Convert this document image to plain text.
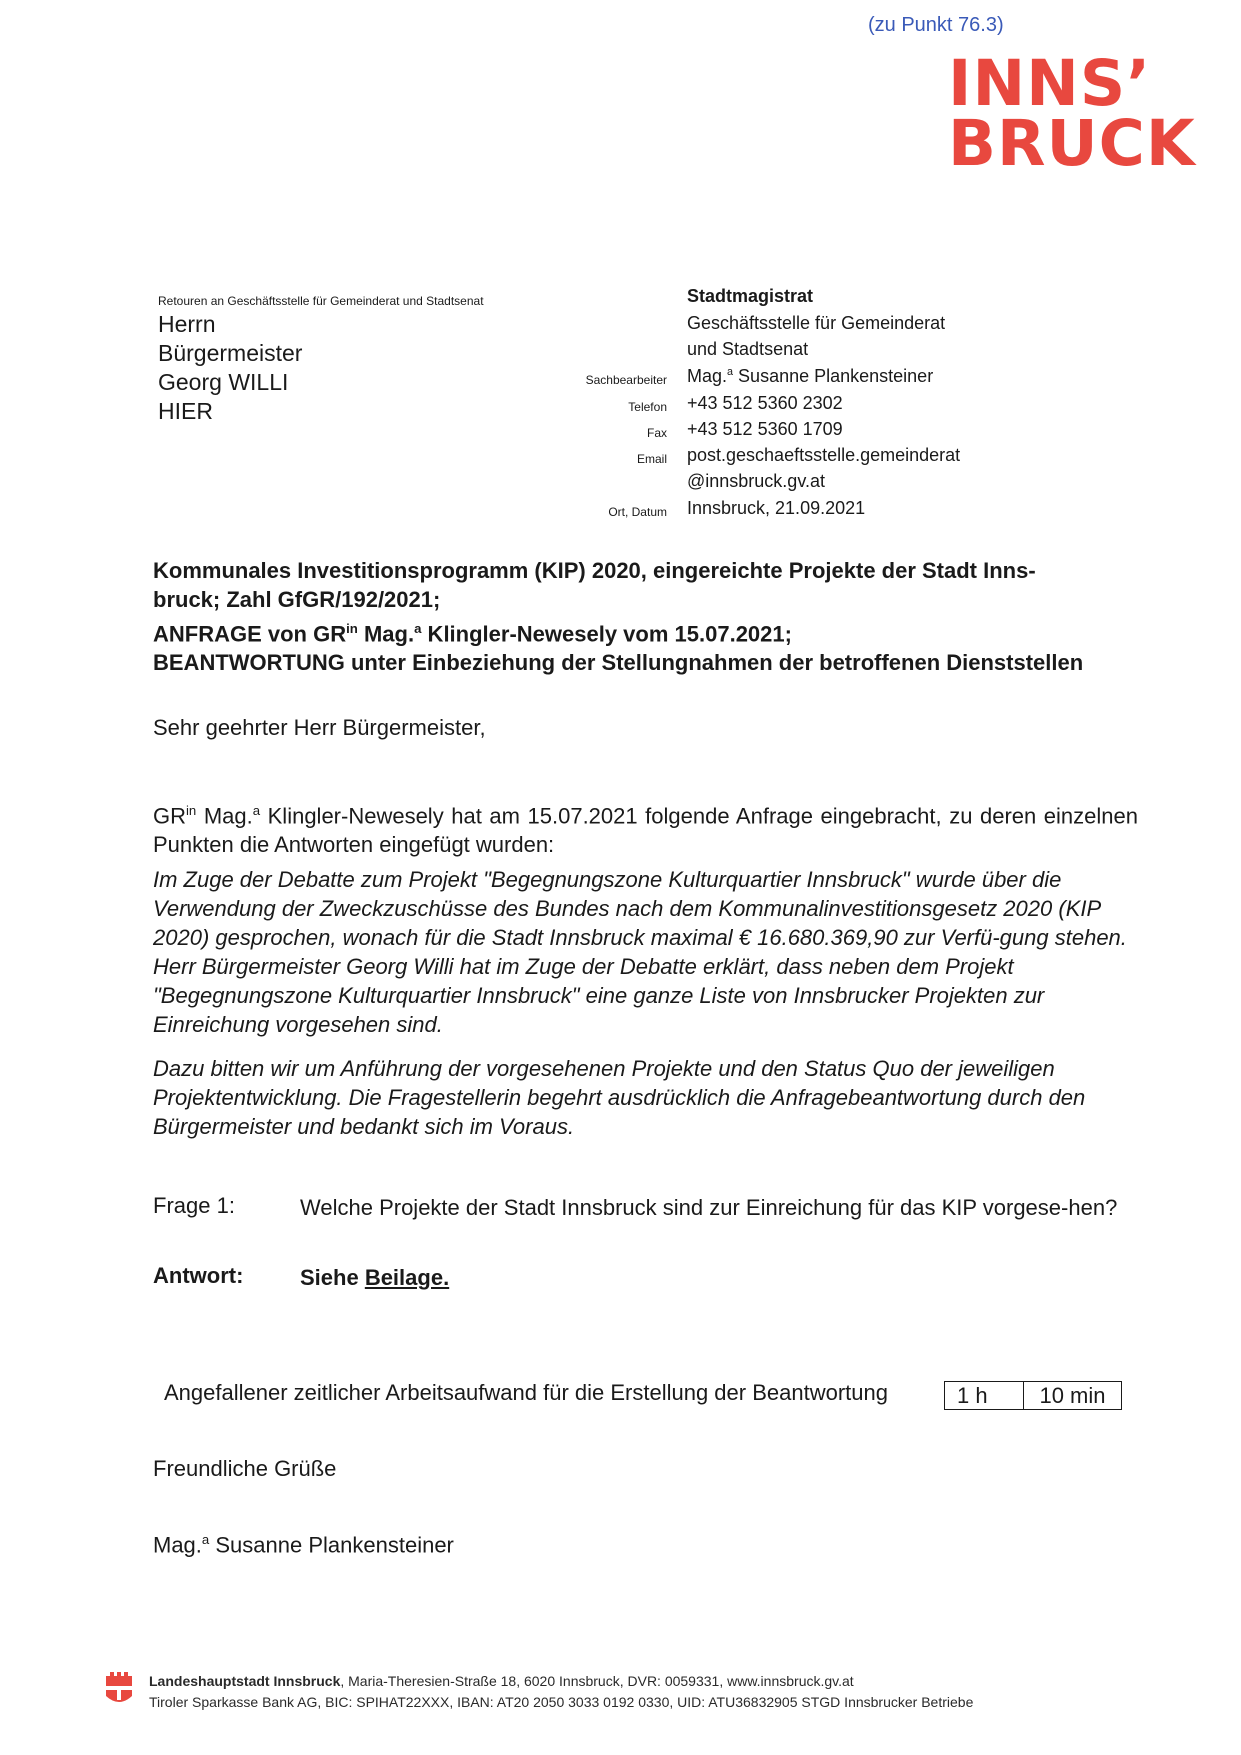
(zu Punkt 76.3)
INNS’
BRUCK
Retouren an Geschäftsstelle für Gemeinderat und Stadtsenat
Herrn
Bürgermeister
Georg WILLI
HIER
Stadtmagistrat
Geschäftsstelle für Gemeinderat
und Stadtsenat
Sachbearbeiter Mag.$^a$ Susanne Plankensteiner
Telefon +43 512 5360 2302
Fax +43 512 5360 1709
Email post.geschaeftsstelle.gemeinderat
@innsbruck.gv.at
Ort, Datum Innsbruck, 21.09.2021
Kommunales Investitionsprogramm (KIP) 2020, eingereichte Projekte der Stadt Inns-
bruck; Zahl GfGR/192/2021;
ANFRAGE von $GR^{in}$ Mag.$^a$ Klingler-Newesely vom 15.07.2021;
BEANTWORTUNG unter Einbeziehung der Stellungnahmen der betroffenen Dienststellen
Sehr geehrter Herr Bürgermeister,
$GR^{in}$ Mag.$^a$ Klingler-Newesely hat am 15.07.2021 folgende Anfrage eingebracht, zu deren einzelnen Punkten die Antworten eingefügt wurden:
Im Zuge der Debatte zum Projekt "Begegnungszone Kulturquartier Innsbruck" wurde über die Verwendung der Zweckzuschüsse des Bundes nach dem Kommunalinvestitionsgesetz 2020 (KIP 2020) gesprochen, wonach für die Stadt Innsbruck maximal € 16.680.369,90 zur Verfü-gung stehen. Herr Bürgermeister Georg Willi hat im Zuge der Debatte erklärt, dass neben dem Projekt "Begegnungszone Kulturquartier Innsbruck" eine ganze Liste von Innsbrucker Projekten zur Einreichung vorgesehen sind.
Dazu bitten wir um Anführung der vorgesehenen Projekte und den Status Quo der jeweiligen Projektentwicklung. Die Fragestellerin begehrt ausdrücklich die Anfragebeantwortung durch den Bürgermeister und bedankt sich im Voraus.
Frage 1:	Welche Projekte der Stadt Innsbruck sind zur Einreichung für das KIP vorgese-hen?
Antwort:	Siehe Beilage.
Angefallener zeitlicher Arbeitsaufwand für die Erstellung der Beantwortung	1 h	10 min
Freundliche Grüße
Mag.$^a$ Susanne Plankensteiner
Landeshauptstadt Innsbruck, Maria-Theresien-Straße 18, 6020 Innsbruck, DVR: 0059331, www.innsbruck.gv.at
Tiroler Sparkasse Bank AG, BIC: SPIHAT22XXX, IBAN: AT20 2050 3033 0192 0330, UID: ATU36832905 STGD Innsbrucker Betriebe
